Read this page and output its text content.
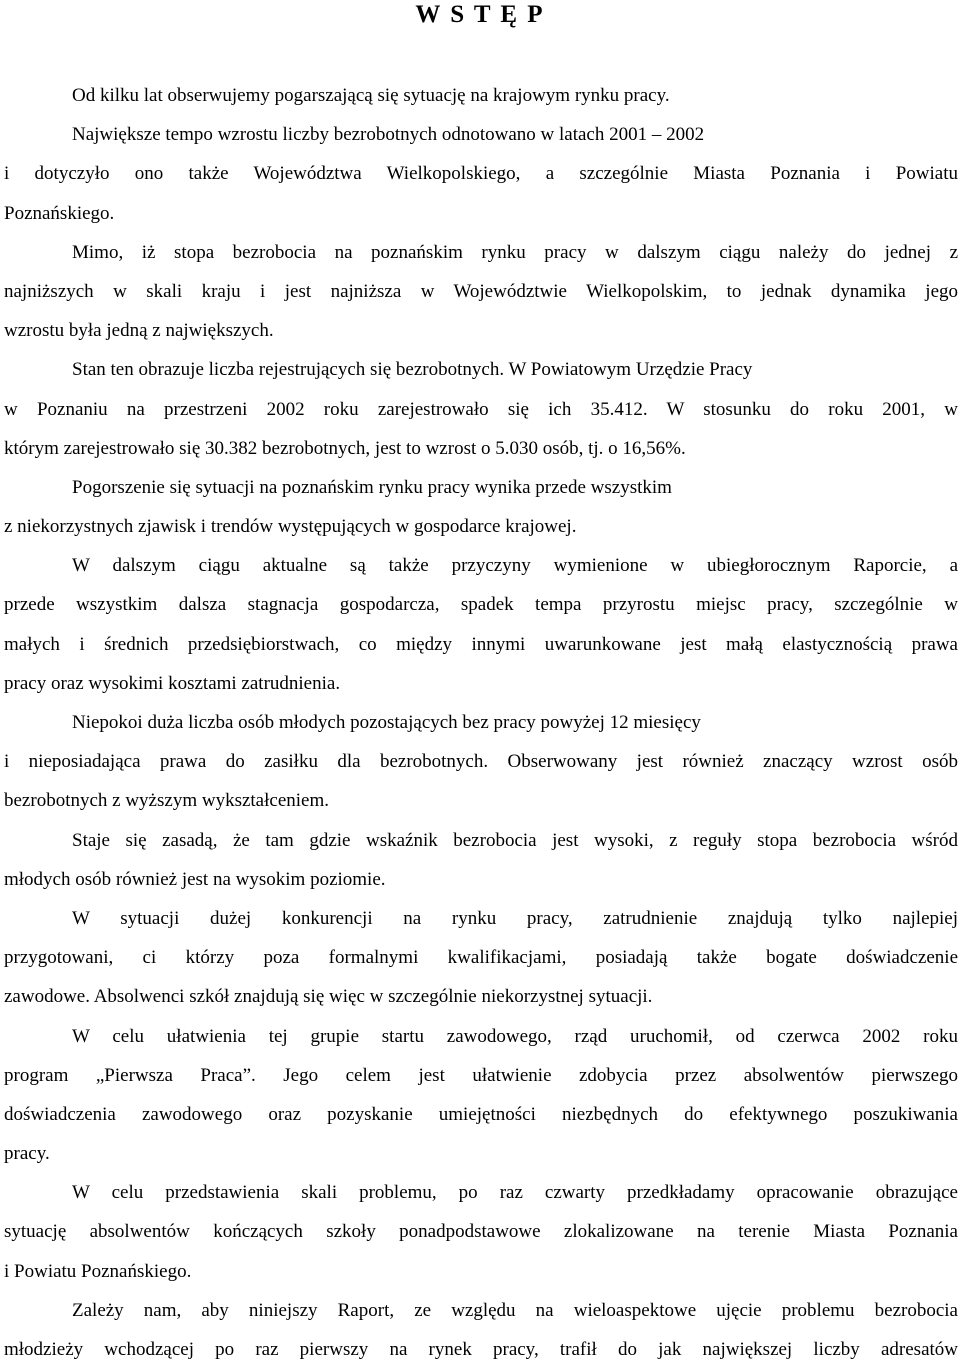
W S T Ę P
Od kilku lat obserwujemy pogarszającą się sytuację na krajowym rynku pracy.
Największe tempo wzrostu liczby bezrobotnych odnotowano w latach 2001 – 2002
i dotyczyło ono także Województwa Wielkopolskiego, a szczególnie Miasta Poznania i Powiatu
Poznańskiego.
Mimo, iż stopa bezrobocia na poznańskim rynku pracy w dalszym ciągu należy do jednej z
najniższych w skali kraju i jest najniższa w Województwie Wielkopolskim, to jednak dynamika jego
wzrostu była jedną z największych.
Stan ten obrazuje liczba rejestrujących się bezrobotnych. W Powiatowym Urzędzie Pracy
w Poznaniu na przestrzeni 2002 roku zarejestrowało się ich 35.412. W stosunku do roku 2001, w
którym zarejestrowało się 30.382 bezrobotnych, jest to wzrost o 5.030 osób, tj. o 16,56%.
Pogorszenie się sytuacji na poznańskim rynku pracy wynika przede wszystkim
z niekorzystnych zjawisk i trendów występujących w gospodarce krajowej.
W dalszym ciągu aktualne są także przyczyny wymienione w ubiegłorocznym Raporcie, a
przede wszystkim dalsza stagnacja gospodarcza, spadek tempa przyrostu miejsc pracy, szczególnie w
małych i średnich przedsiębiorstwach, co między innymi uwarunkowane jest małą elastycznością prawa
pracy oraz wysokimi kosztami zatrudnienia.
Niepokoi duża liczba osób młodych pozostających bez pracy powyżej 12 miesięcy
i nieposiadająca prawa do zasiłku dla bezrobotnych. Obserwowany jest również znaczący wzrost osób
bezrobotnych z wyższym wykształceniem.
Staje się zasadą, że tam gdzie wskaźnik bezrobocia jest wysoki, z reguły stopa bezrobocia wśród
młodych osób również jest na wysokim poziomie.
W sytuacji dużej konkurencji na rynku pracy, zatrudnienie znajdują tylko najlepiej
przygotowani, ci którzy poza formalnymi kwalifikacjami, posiadają także bogate doświadczenie
zawodowe. Absolwenci szkół znajdują się więc w szczególnie niekorzystnej sytuacji.
W celu ułatwienia tej grupie startu zawodowego, rząd uruchomił, od czerwca 2002 roku
program „Pierwsza Praca”. Jego celem jest ułatwienie zdobycia przez absolwentów pierwszego
doświadczenia zawodowego oraz pozyskanie umiejętności niezbędnych do efektywnego poszukiwania
pracy.
W celu przedstawienia skali problemu, po raz czwarty przedkładamy opracowanie obrazujące
sytuację absolwentów kończących szkoły ponadpodstawowe zlokalizowane na terenie Miasta Poznania
i Powiatu Poznańskiego.
Zależy nam, aby niniejszy Raport, ze względu na wieloaspektowe ujęcie problemu bezrobocia
młodzieży wchodzącej po raz pierwszy na rynek pracy, trafił do jak największej liczby adresatów
